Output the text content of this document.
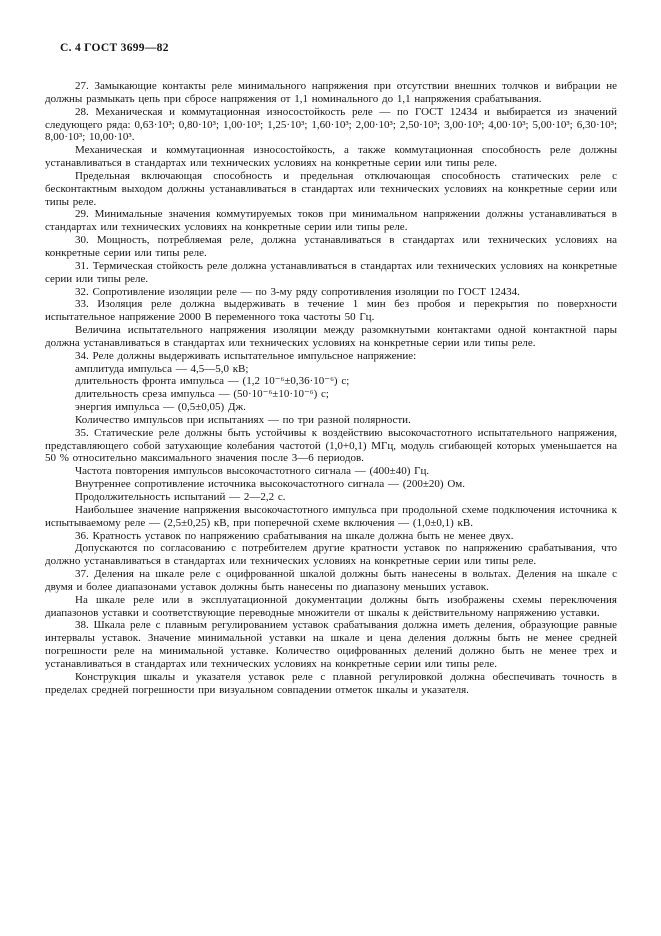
С. 4 ГОСТ 3699—82

27. Замыкающие контакты реле минимального напряжения при отсутствии внешних толчков и вибрации не должны размыкать цепь при сбросе напряжения от 1,1 номинального до 1,1 напряжения срабатывания.

28. Механическая и коммутационная износостойкость реле — по ГОСТ 12434 и выбирается из значений следующего ряда: 0,63·10³; 0,80·10³; 1,00·10³; 1,25·10³; 1,60·10³; 2,00·10³; 2,50·10³; 3,00·10³; 4,00·10³; 5,00·10³; 6,30·10³; 8,00·10³; 10,00·10³.

Механическая и коммутационная износостойкость, а также коммутационная способность реле должны устанавливаться в стандартах или технических условиях на конкретные серии или типы реле.

Предельная включающая способность и предельная отключающая способность статических реле с бесконтактным выходом должны устанавливаться в стандартах или технических условиях на конкретные серии или типы реле.

29. Минимальные значения коммутируемых токов при минимальном напряжении должны устанавливаться в стандартах или технических условиях на конкретные серии или типы реле.

30. Мощность, потребляемая реле, должна устанавливаться в стандартах или технических условиях на конкретные серии или типы реле.

31. Термическая стойкость реле должна устанавливаться в стандартах или технических условиях на конкретные серии или типы реле.

32. Сопротивление изоляции реле — по 3-му ряду сопротивления изоляции по ГОСТ 12434.

33. Изоляция реле должна выдерживать в течение 1 мин без пробоя и перекрытия по поверхности испытательное напряжение 2000 В переменного тока частоты 50 Гц.

Величина испытательного напряжения изоляции между разомкнутыми контактами одной контактной пары должна устанавливаться в стандартах или технических условиях на конкретные серии или типы реле.

34. Реле должны выдерживать испытательное импульсное напряжение:

амплитуда импульса — 4,5—5,0 кВ;

длительность фронта импульса — (1,2 10⁻⁶±0,36·10⁻⁶) с;

длительность среза импульса — (50·10⁻⁶±10·10⁻⁶) с;

энергия импульса — (0,5±0,05) Дж.

Количество импульсов при испытаниях — по три разной полярности.

35. Статические реле должны быть устойчивы к воздействию высокочастотного испытательного напряжения, представляющего собой затухающие колебания частотой (1,0+0,1) МГц, модуль сгибающей которых уменьшается на 50 % относительно максимального значения после 3—6 периодов.

Частота повторения импульсов высокочастотного сигнала — (400±40) Гц.

Внутреннее сопротивление источника высокочастотного сигнала — (200±20) Ом.

Продолжительность испытаний — 2—2,2 с.

Наибольшее значение напряжения высокочастотного импульса при продольной схеме подключения источника к испытываемому реле — (2,5±0,25) кВ, при поперечной схеме включения — (1,0±0,1) кВ.

36. Кратность уставок по напряжению срабатывания на шкале должна быть не менее двух.

Допускаются по согласованию с потребителем другие кратности уставок по напряжению срабатывания, что должно устанавливаться в стандартах или технических условиях на конкретные серии или типы реле.

37. Деления на шкале реле с оцифрованной шкалой должны быть нанесены в вольтах. Деления на шкале с двумя и более диапазонами уставок должны быть нанесены по диапазону меньших уставок.

На шкале реле или в эксплуатационной документации должны быть изображены схемы переключения диапазонов уставки и соответствующие переводные множители от шкалы к действительному напряжению уставки.

38. Шкала реле с плавным регулированием уставок срабатывания должна иметь деления, образующие равные интервалы уставок. Значение минимальной уставки на шкале и цена деления должны быть не менее средней погрешности реле на минимальной уставке. Количество оцифрованных делений должно быть не менее трех и устанавливаться в стандартах или технических условиях на конкретные серии или типы реле.

Конструкция шкалы и указателя уставок реле с плавной регулировкой должна обеспечивать точность в пределах средней погрешности при визуальном совпадении отметок шкалы и указателя.
